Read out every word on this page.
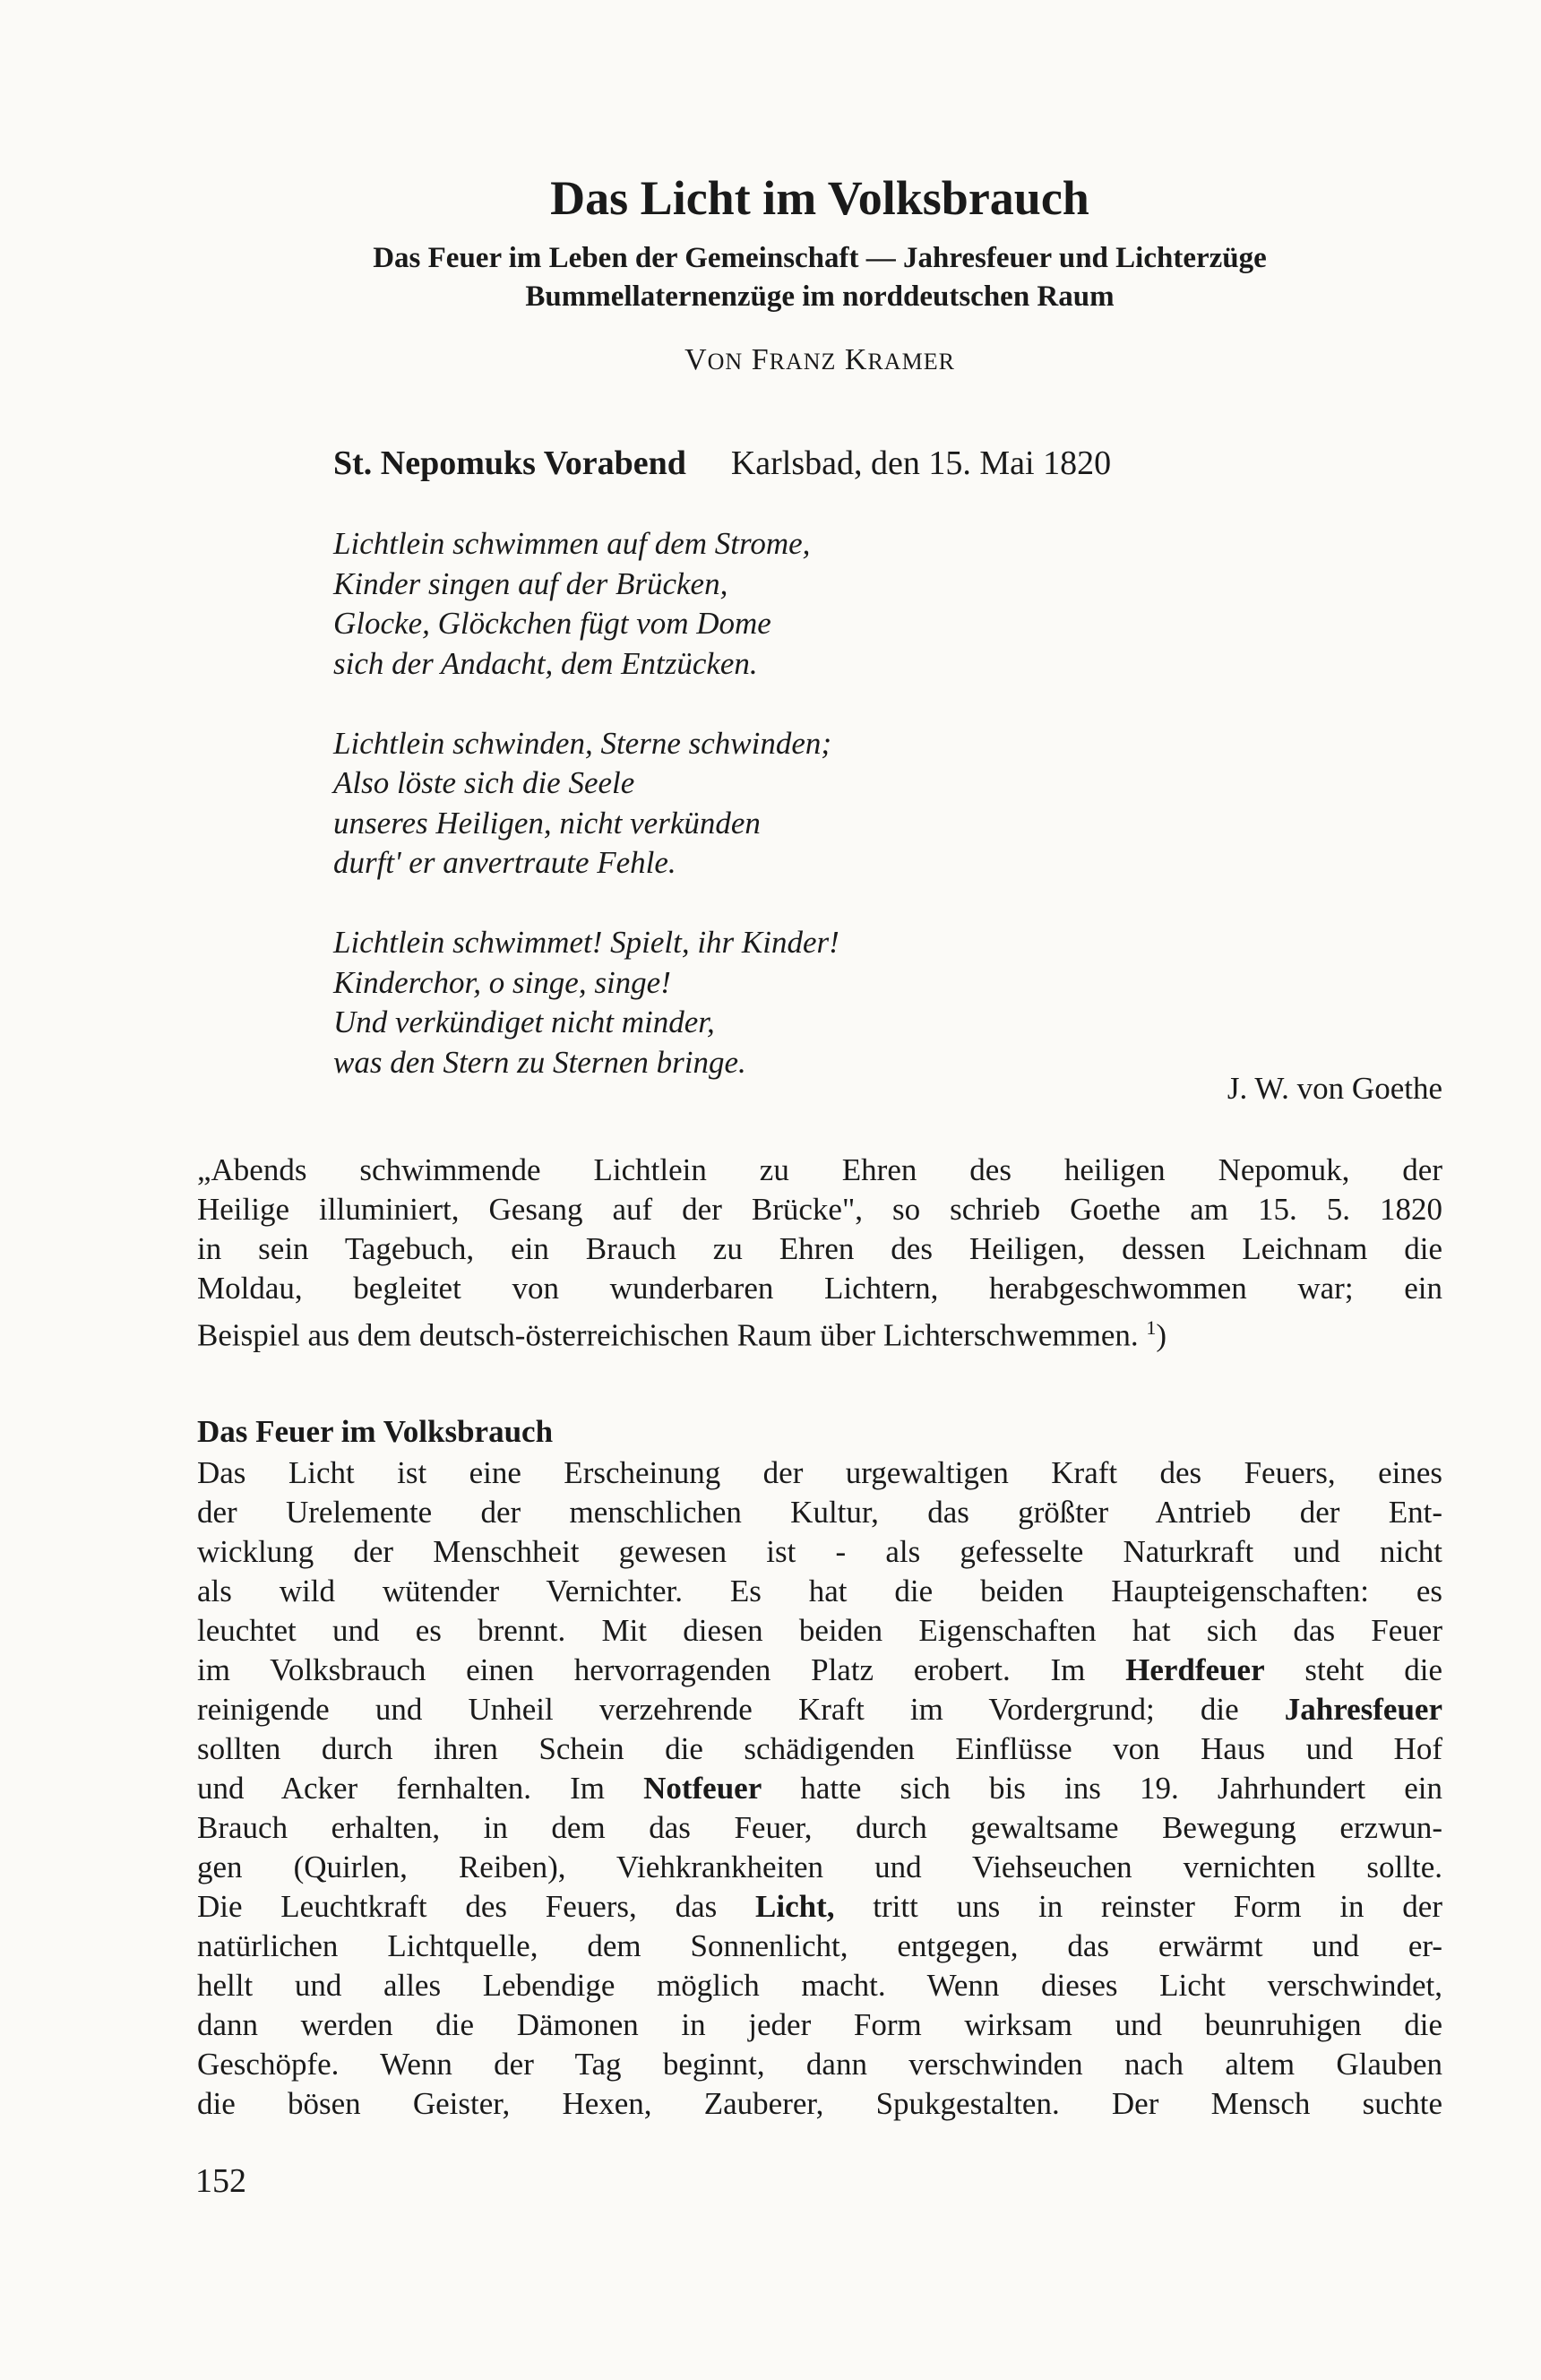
Das Licht im Volksbrauch
Das Feuer im Leben der Gemeinschaft — Jahresfeuer und Lichterzüge
Bummellaternenzüge im norddeutschen Raum
VON FRANZ KRAMER
St. Nepomuks Vorabend Karlsbad, den 15. Mai 1820
Lichtlein schwimmen auf dem Strome,
Kinder singen auf der Brücken,
Glocke, Glöckchen fügt vom Dome
sich der Andacht, dem Entzücken.
Lichtlein schwinden, Sterne schwinden;
Also löste sich die Seele
unseres Heiligen, nicht verkünden
durft' er anvertraute Fehle.
Lichtlein schwimmet! Spielt, ihr Kinder!
Kinderchor, o singe, singe!
Und verkündiget nicht minder,
was den Stern zu Sternen bringe.
J. W. von Goethe
„Abends schwimmende Lichtlein zu Ehren des heiligen Nepomuk, der
Heilige illuminiert, Gesang auf der Brücke", so schrieb Goethe am 15. 5. 1820
in sein Tagebuch, ein Brauch zu Ehren des Heiligen, dessen Leichnam die
Moldau, begleitet von wunderbaren Lichtern, herabgeschwommen war; ein
Beispiel aus dem deutsch-österreichischen Raum über Lichterschwemmen. $^1$)
Das Feuer im Volksbrauch
Das Licht ist eine Erscheinung der urgewaltigen Kraft des Feuers, eines
der Urelemente der menschlichen Kultur, das größter Antrieb der Ent-
wicklung der Menschheit gewesen ist - als gefesselte Naturkraft und nicht
als wild wütender Vernichter. Es hat die beiden Haupteigenschaften: es
leuchtet und es brennt. Mit diesen beiden Eigenschaften hat sich das Feuer
im Volksbrauch einen hervorragenden Platz erobert. Im Herdfeuer steht die
reinigende und Unheil verzehrende Kraft im Vordergrund; die Jahresfeuer
sollten durch ihren Schein die schädigenden Einflüsse von Haus und Hof
und Acker fernhalten. Im Notfeuer hatte sich bis ins 19. Jahrhundert ein
Brauch erhalten, in dem das Feuer, durch gewaltsame Bewegung erzwun-
gen (Quirlen, Reiben), Viehkrankheiten und Viehseuchen vernichten sollte.
Die Leuchtkraft des Feuers, das Licht, tritt uns in reinster Form in der
natürlichen Lichtquelle, dem Sonnenlicht, entgegen, das erwärmt und er-
hellt und alles Lebendige möglich macht. Wenn dieses Licht verschwindet,
dann werden die Dämonen in jeder Form wirksam und beunruhigen die
Geschöpfe. Wenn der Tag beginnt, dann verschwinden nach altem Glauben
die bösen Geister, Hexen, Zauberer, Spukgestalten. Der Mensch suchte
152
